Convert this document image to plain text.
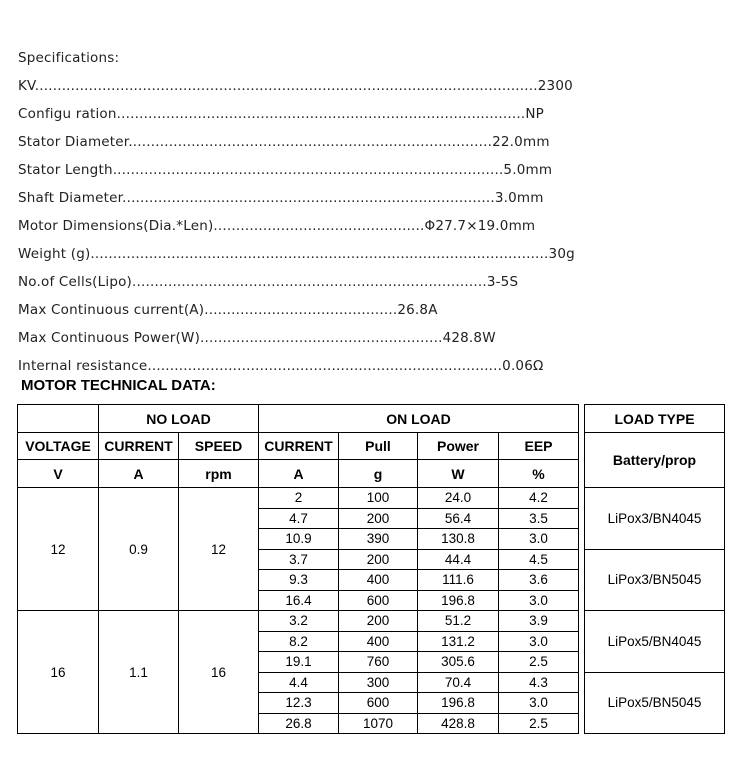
Specifications:
KV................................................................................................................2300
Configu ration...........................................................................................NP
Stator Diameter.................................................................................22.0mm
Stator Length.......................................................................................5.0mm
Shaft Diameter...................................................................................3.0mm
Motor Dimensions(Dia.*Len)...............................................Φ27.7×19.0mm
Weight (g)......................................................................................................30g
No.of Cells(Lipo)...............................................................................3-5S
Max Continuous current(A)...........................................26.8A
Max Continuous Power(W)......................................................428.8W
Internal resistance...............................................................................0.06Ω
MOTOR TECHNICAL DATA:
	NO LOAD		ON LOAD					LOAD TYPE
VOLTAGE	CURRENT	SPEED	CURRENT	Pull	Power	EEP		Battery/prop
V	A	rpm	A	g	W	%		
12	0.9	12	2	100	24.0	4.2		LiPox3/BN4045
			4.7	200	56.4	3.5		
			10.9	390	130.8	3.0		
			3.7	200	44.4	4.5		LiPox3/BN5045
			9.3	400	111.6	3.6		
			16.4	600	196.8	3.0		
16	1.1	16	3.2	200	51.2	3.9		LiPox5/BN4045
			8.2	400	131.2	3.0		
			19.1	760	305.6	2.5		
			4.4	300	70.4	4.3		LiPox5/BN5045
			12.3	600	196.8	3.0		
			26.8	1070	428.8	2.5		
